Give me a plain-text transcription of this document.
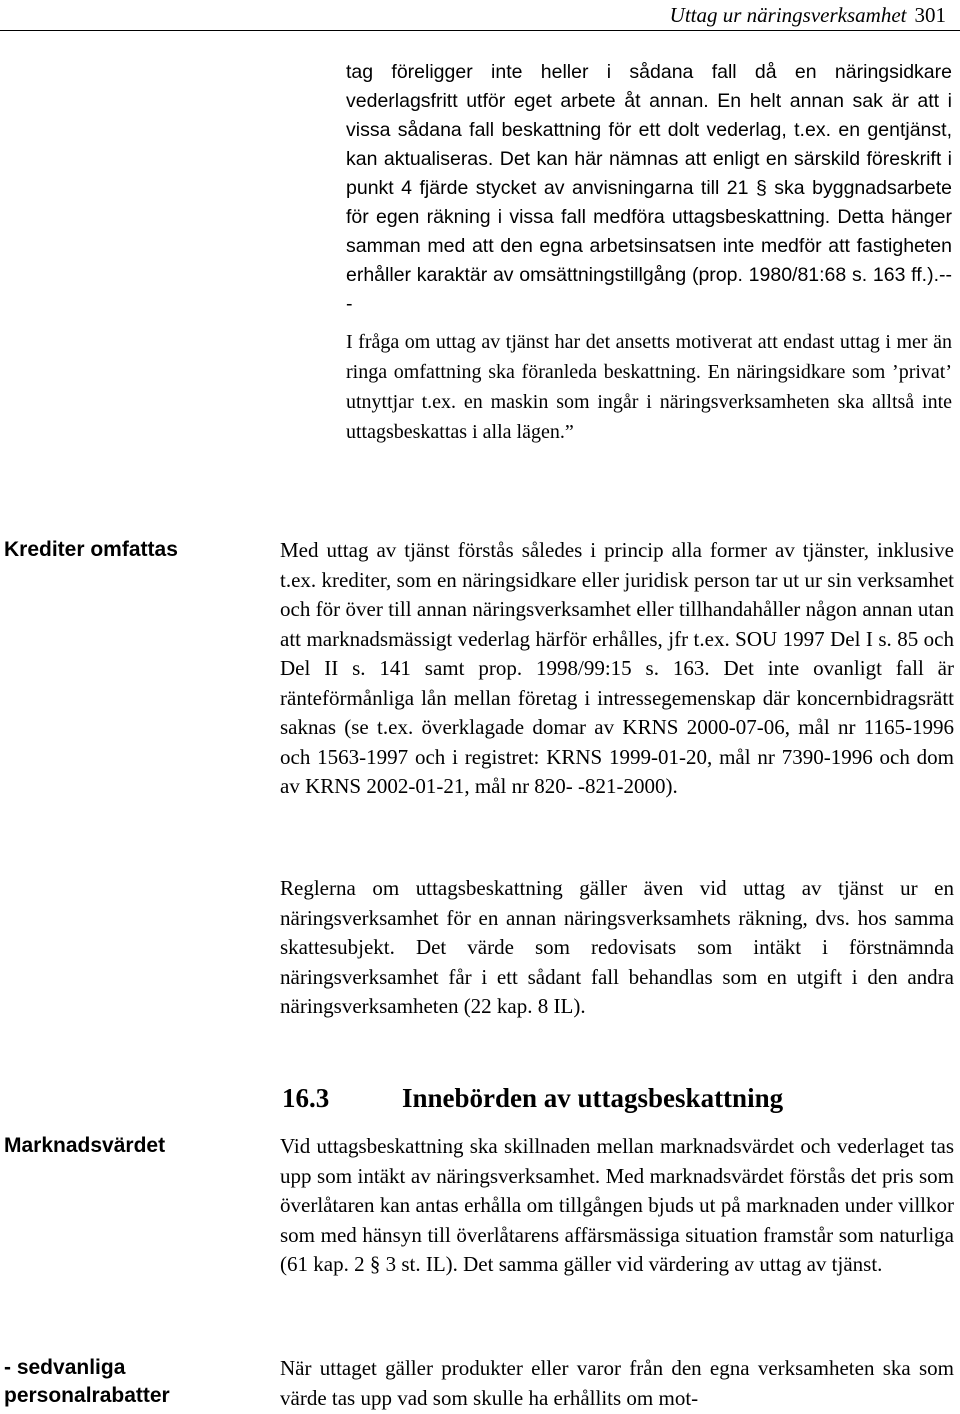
Uttag ur näringsverksamhet 301

tag föreligger inte heller i sådana fall då en näringsidkare vederlagsfritt utför eget arbete åt annan. En helt annan sak är att i vissa sådana fall beskattning för ett dolt vederlag, t.ex. en gentjänst, kan aktualiseras. Det kan här nämnas att enligt en särskild föreskrift i punkt 4 fjärde stycket av anvisningarna till 21 § ska byggnadsarbete för egen räkning i vissa fall medföra uttagsbeskattning. Detta hänger samman med att den egna arbetsinsatsen inte medför att fastigheten erhåller karaktär av omsättningstillgång (prop. 1980/81:68 s. 163 ff.).---

I fråga om uttag av tjänst har det ansetts motiverat att endast uttag i mer än ringa omfattning ska föranleda beskattning. En näringsidkare som ’privat’ utnyttjar t.ex. en maskin som ingår i näringsverksamheten ska alltså inte uttagsbeskattas i alla lägen.”

Krediter omfattas
Marknadsvärdet
- sedvanliga personalrabatter

Med uttag av tjänst förstås således i princip alla former av tjänster, inklusive t.ex. krediter, som en näringsidkare eller juridisk person tar ut ur sin verksamhet och för över till annan näringsverksamhet eller tillhandahåller någon annan utan att marknadsmässigt vederlag härför erhålles, jfr t.ex. SOU 1997 Del I s. 85 och Del II s. 141 samt prop. 1998/99:15 s. 163. Det inte ovanligt fall är ränteförmånliga lån mellan företag i intressegemenskap där koncernbidragsrätt saknas (se t.ex. överklagade domar av KRNS 2000-07-06, mål nr 1165-1996 och 1563-1997 och i registret: KRNS 1999-01-20, mål nr 7390-1996 och dom av KRNS 2002-01-21, mål nr 820- -821-2000).

Reglerna om uttagsbeskattning gäller även vid uttag av tjänst ur en näringsverksamhet för en annan näringsverksamhets räkning, dvs. hos samma skattesubjekt. Det värde som redovisats som intäkt i förstnämnda näringsverksamhet får i ett sådant fall behandlas som en utgift i den andra näringsverksamheten (22 kap. 8 IL).

16.3	Innebörden av uttagsbeskattning

Vid uttagsbeskattning ska skillnaden mellan marknadsvärdet och vederlaget tas upp som intäkt av näringsverksamhet. Med marknadsvärdet förstås det pris som överlåtaren kan antas erhålla om tillgången bjuds ut på marknaden under villkor som med hänsyn till överlåtarens affärsmässiga situation framstår som naturliga (61 kap. 2 § 3 st. IL). Det samma gäller vid värdering av uttag av tjänst.

När uttaget gäller produkter eller varor från den egna verksamheten ska som värde tas upp vad som skulle ha erhållits om mot-
